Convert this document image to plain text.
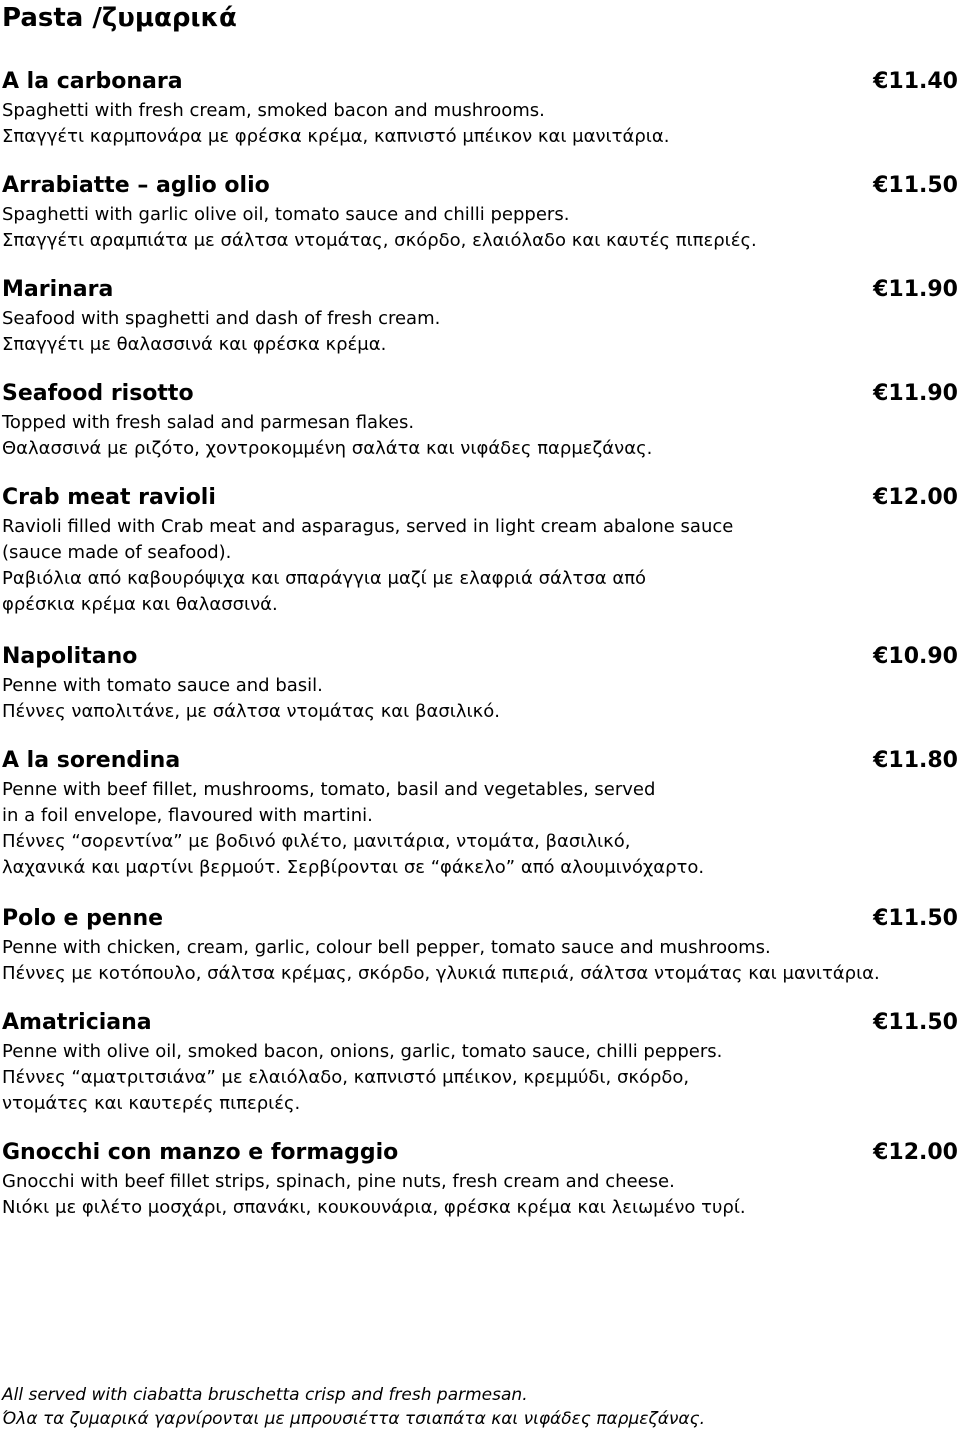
Pasta /ζυμαρικά
A la carbonara	€11.40

Spaghetti with fresh cream, smoked bacon and mushrooms.

Σπαγγέτι καρμπονάρα με φρέσκα κρέμα, καπνιστό μπέικον και μανιτάρια.

Arrabiatte – aglio olio	€11.50

Spaghetti with garlic olive oil, tomato sauce and chilli peppers.

Σπαγγέτι αραμπιάτα με σάλτσα ντομάτας, σκόρδο, ελαιόλαδο και καυτές πιπεριές.

Marinara	€11.90

Seafood with spaghetti and dash of fresh cream.

Σπαγγέτι με θαλασσινά και φρέσκα κρέμα.

Seafood risotto	€11.90

Topped with fresh salad and parmesan flakes.

Θαλασσινά με ριζότο, χοντροκομμένη σαλάτα και νιφάδες παρμεζάνας.

Crab meat ravioli	€12.00

Ravioli filled with Crab meat and asparagus, served in light cream abalone sauce

(sauce made of seafood).

Ραβιόλια από καβουρόψιχα και σπαράγγια μαζί με ελαφριά σάλτσα από

φρέσκια κρέμα και θαλασσινά.

Napolitano	€10.90

Penne with tomato sauce and basil.

Πέννες ναπολιτάνε, με σάλτσα ντομάτας και βασιλικό.

A la sorendina	€11.80

Penne with beef fillet, mushrooms, tomato, basil and vegetables, served

in a foil envelope, flavoured with martini.

Πέννες “σορεντίνα” με βοδινό φιλέτο, μανιτάρια, ντομάτα, βασιλικό,

λαχανικά και μαρτίνι βερμούτ. Σερβίρονται σε “φάκελο” από αλουμινόχαρτο.

Polo e penne	€11.50

Penne with chicken, cream, garlic, colour bell pepper, tomato sauce and mushrooms.

Πέννες με κοτόπουλο, σάλτσα κρέμας, σκόρδο, γλυκιά πιπεριά, σάλτσα ντομάτας και μανιτάρια.

Amatriciana	€11.50

Penne with olive oil, smoked bacon, onions, garlic, tomato sauce, chilli peppers.

Πέννες “αματριτσιάνα” με ελαιόλαδο, καπνιστό μπέικον, κρεμμύδι, σκόρδο,

ντομάτες και καυτερές πιπεριές.

Gnocchi con manzo e formaggio	€12.00

Gnocchi with beef fillet strips, spinach, pine nuts, fresh cream and cheese.

Νιόκι με φιλέτο μοσχάρι, σπανάκι, κουκουνάρια, φρέσκα κρέμα και λειωμένο τυρί.

All served with ciabatta bruschetta crisp and fresh parmesan.
Όλα τα ζυμαρικά γαρνίρονται με μπρουσιέττα τσιαπάτα και νιφάδες παρμεζάνας.
